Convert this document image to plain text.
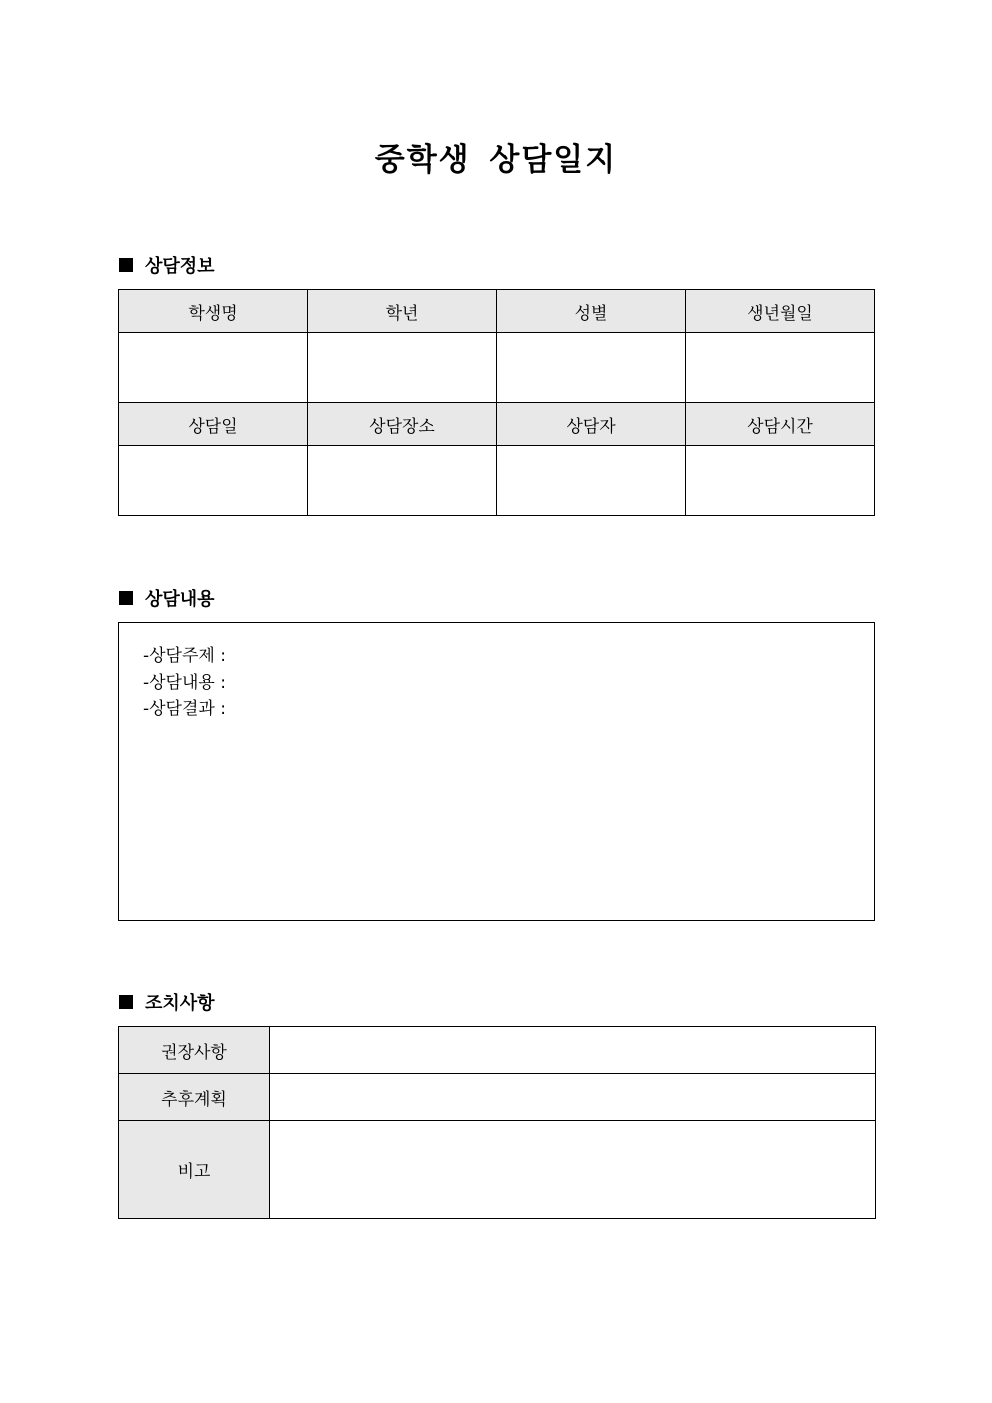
중학생 상담일지
상담정보
학생명	학년	성별	생년월일

상담일	상담장소	상담자	상담시간

상담내용
-상담주제 :
-상담내용 :
-상담결과 :
조치사항
권장사항	
추후계획	
비고	
